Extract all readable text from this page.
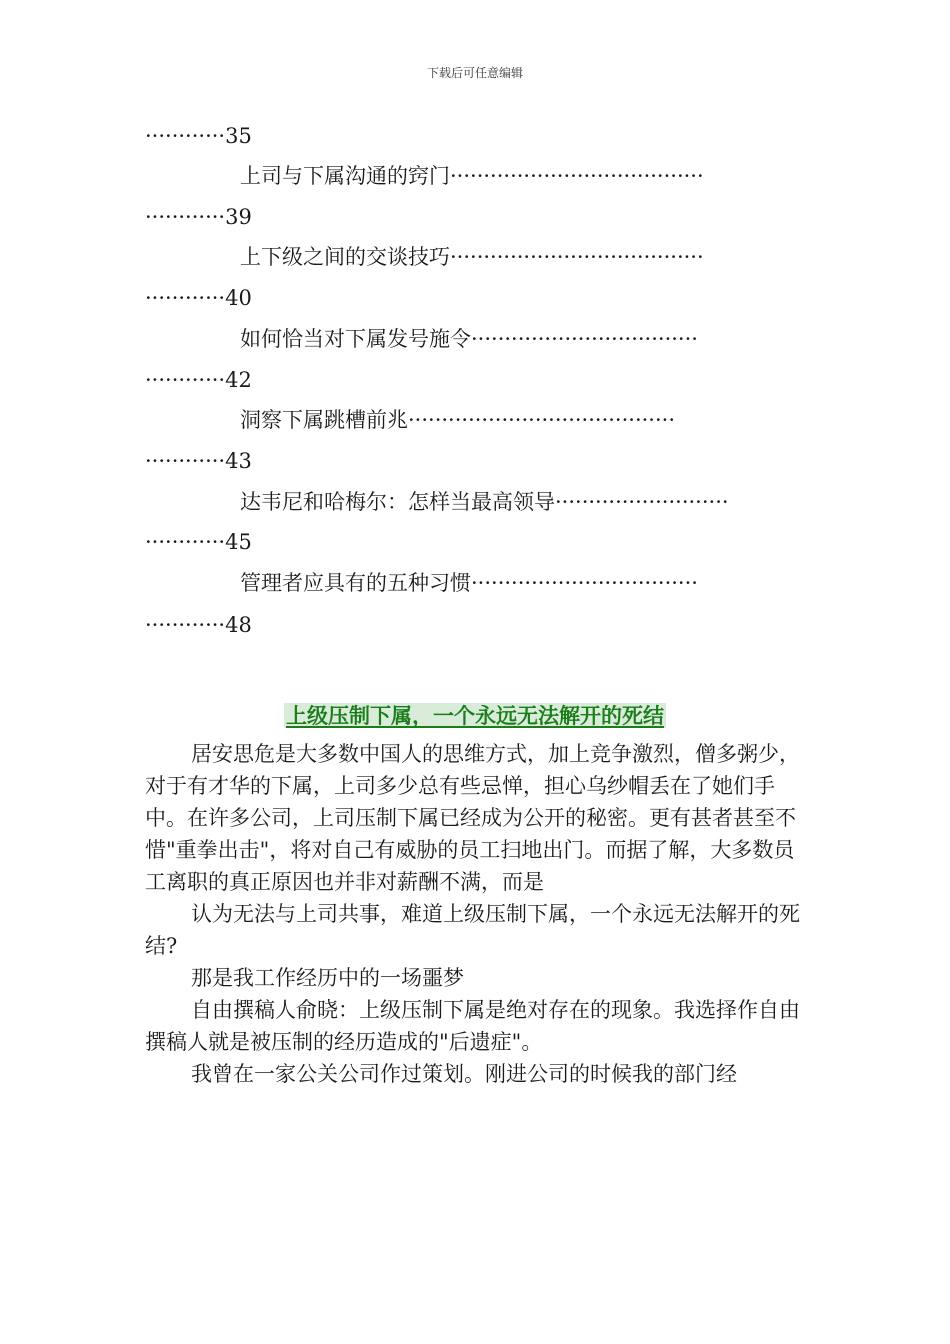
下载后可任意编辑
············35
上司与下属沟通的窍门······································
············39
上下级之间的交谈技巧······································
············40
如何恰当对下属发号施令··································
············42
洞察下属跳槽前兆········································
············43
达韦尼和哈梅尔：怎样当最高领导··························
············45
管理者应具有的五种习惯··································
············48
上级压制下属，一个永远无法解开的死结

居安思危是大多数中国人的思维方式，加上竞争激烈，僧多粥少，对于有才华的下属，上司多少总有些忌惮，担心乌纱帽丢在了她们手中。在许多公司，上司压制下属已经成为公开的秘密。更有甚者甚至不惜"重拳出击"，将对自己有威胁的员工扫地出门。而据了解，大多数员工离职的真正原因也并非对薪酬不满，而是

认为无法与上司共事，难道上级压制下属，一个永远无法解开的死结?

那是我工作经历中的一场噩梦

自由撰稿人俞晓：上级压制下属是绝对存在的现象。我选择作自由撰稿人就是被压制的经历造成的"后遗症"。

我曾在一家公关公司作过策划。刚进公司的时候我的部门经
